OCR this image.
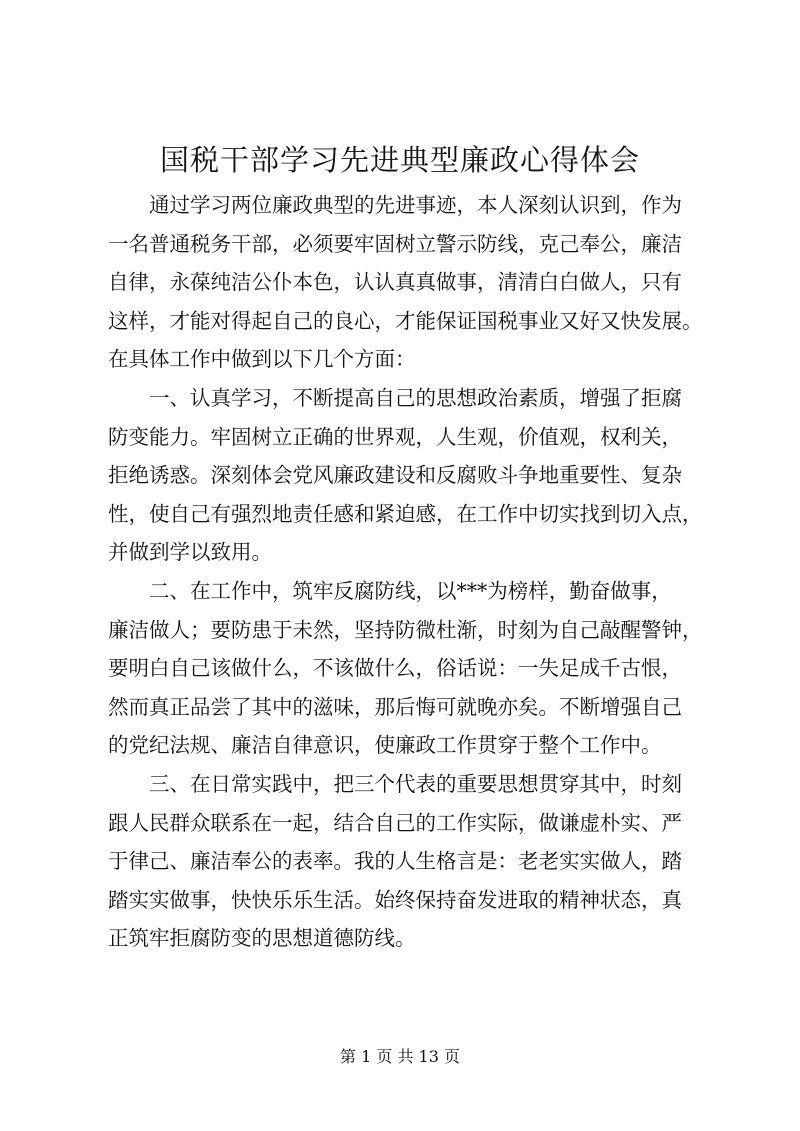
国税干部学习先进典型廉政心得体会

通过学习两位廉政典型的先进事迹，本人深刻认识到，作为
一名普通税务干部，必须要牢固树立警示防线，克己奉公，廉洁
自律，永葆纯洁公仆本色，认认真真做事，清清白白做人，只有
这样，才能对得起自己的良心，才能保证国税事业又好又快发展。
在具体工作中做到以下几个方面：

一、认真学习，不断提高自己的思想政治素质，增强了拒腐
防变能力。牢固树立正确的世界观，人生观，价值观，权利关，
拒绝诱惑。深刻体会党风廉政建设和反腐败斗争地重要性、复杂
性，使自己有强烈地责任感和紧迫感，在工作中切实找到切入点，
并做到学以致用。

二、在工作中，筑牢反腐防线，以***为榜样，勤奋做事，
廉洁做人；要防患于未然，坚持防微杜渐，时刻为自己敲醒警钟，
要明白自己该做什么，不该做什么，俗话说：一失足成千古恨，
然而真正品尝了其中的滋味，那后悔可就晚亦矣。不断增强自己
的党纪法规、廉洁自律意识，使廉政工作贯穿于整个工作中。

三、在日常实践中，把三个代表的重要思想贯穿其中，时刻
跟人民群众联系在一起，结合自己的工作实际，做谦虚朴实、严
于律己、廉洁奉公的表率。我的人生格言是：老老实实做人，踏
踏实实做事，快快乐乐生活。始终保持奋发进取的精神状态，真
正筑牢拒腐防变的思想道德防线。

第 1 页 共 13 页
